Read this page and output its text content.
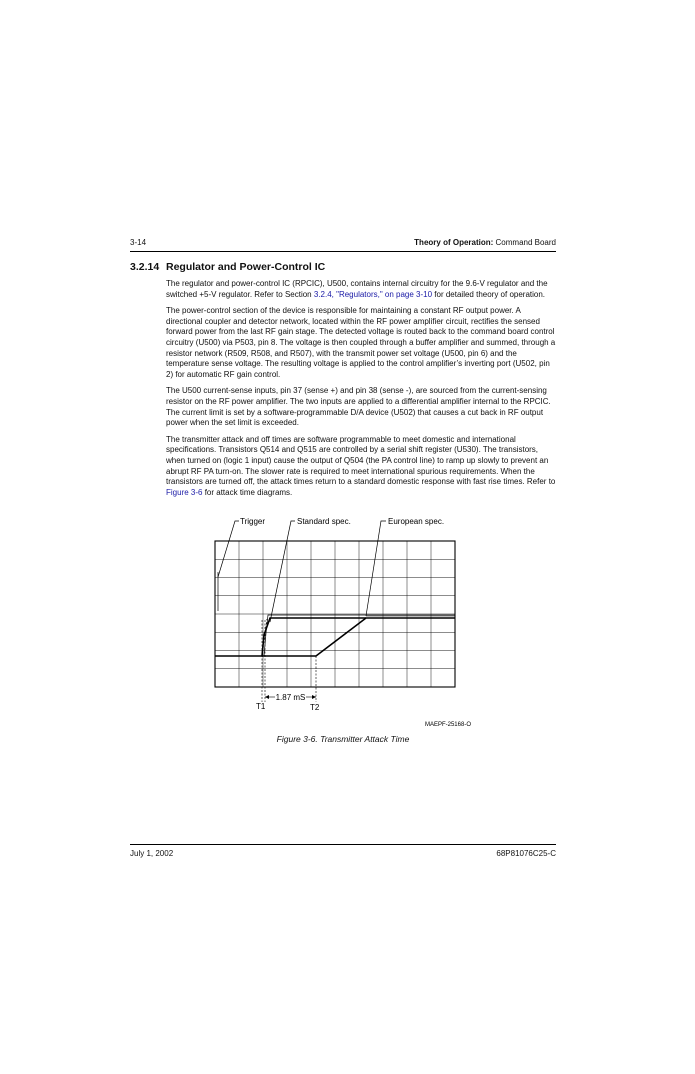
3-14	Theory of Operation: Command Board
3.2.14 Regulator and Power-Control IC

The regulator and power-control IC (RPCIC), U500, contains internal circuitry for the 9.6-V regulator and the switched +5-V regulator. Refer to Section 3.2.4, "Regulators," on page 3-10 for detailed theory of operation.

The power-control section of the device is responsible for maintaining a constant RF output power. A directional coupler and detector network, located within the RF power amplifier circuit, rectifies the sensed forward power from the last RF gain stage. The detected voltage is routed back to the command board control circuitry (U500) via P503, pin 8. The voltage is then coupled through a buffer amplifier and summed, through a resistor network (R509, R508, and R507), with the transmit power set voltage (U500, pin 6) and the temperature sense voltage. The resulting voltage is applied to the control amplifier’s inverting port (U502, pin 2) for automatic RF gain control.

The U500 current-sense inputs, pin 37 (sense +) and pin 38 (sense -), are sourced from the current-sensing resistor on the RF power amplifier. The two inputs are applied to a differential amplifier internal to the RPCIC. The current limit is set by a software-programmable D/A device (U502) that causes a cut back in RF output power when the set limit is exceeded.

The transmitter attack and off times are software programmable to meet domestic and international specifications. Transistors Q514 and Q515 are controlled by a serial shift register (U530). The transistors, when turned on (logic 1 input) cause the output of Q504 (the PA control line) to ramp up slowly to prevent an abrupt RF PA turn-on. The slower rate is required to meet international spurious requirements. When the transistors are turned off, the attack times return to a standard domestic response with fast rise times. Refer to Figure 3-6 for attack time diagrams.

Trigger	Standard spec.	European spec.
1.87 mS
T1	T2
MAEPF-25168-O
Figure 3-6. Transmitter Attack Time
July 1, 2002	68P81076C25-C
